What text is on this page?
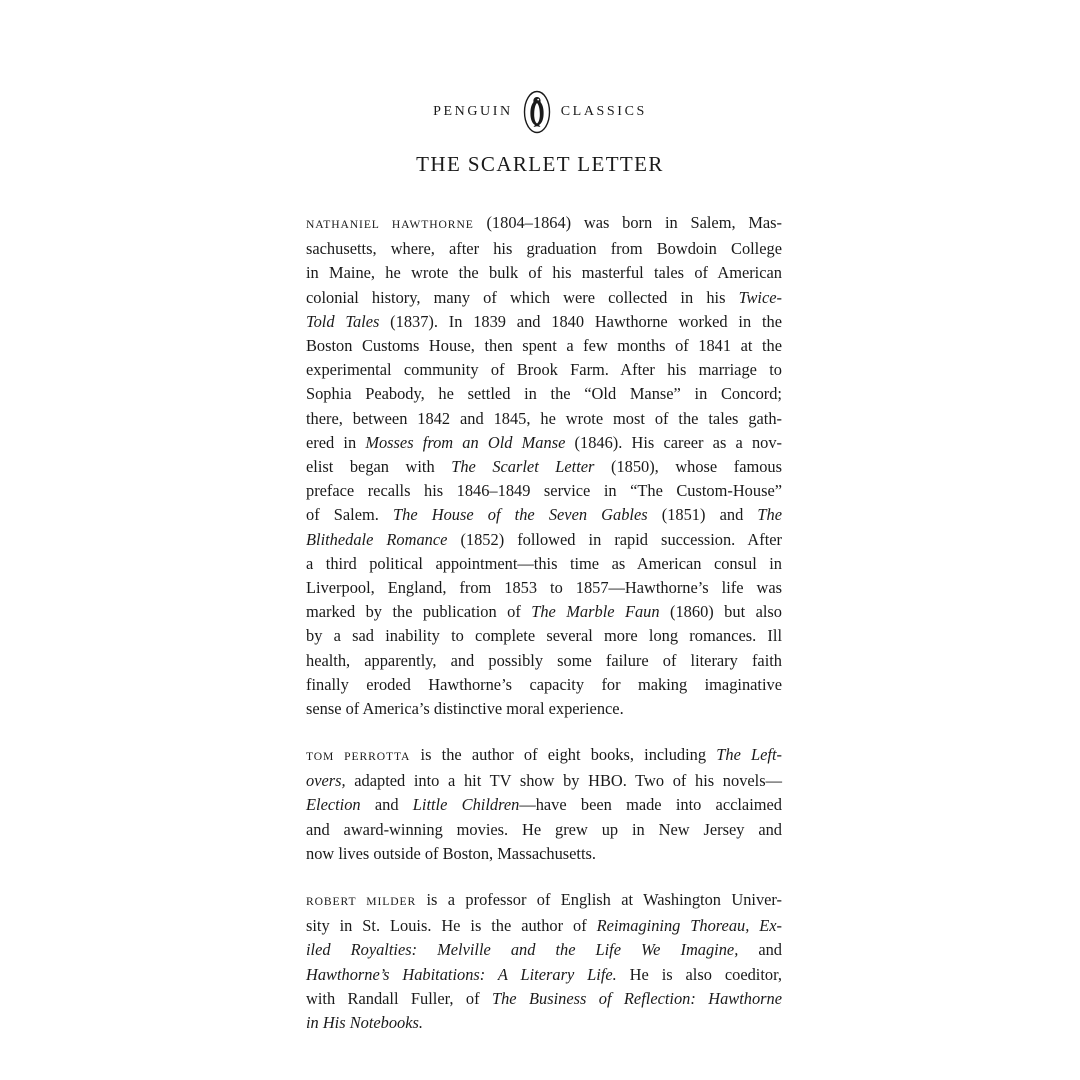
PENGUIN	CLASSICS
THE SCARLET LETTER
NATHANIEL HAWTHORNE (1804–1864) was born in Salem, Mas-
sachusetts, where, after his graduation from Bowdoin College
in Maine, he wrote the bulk of his masterful tales of American
colonial history, many of which were collected in his Twice-
Told Tales (1837). In 1839 and 1840 Hawthorne worked in the
Boston Customs House, then spent a few months of 1841 at the
experimental community of Brook Farm. After his marriage to
Sophia Peabody, he settled in the “Old Manse” in Concord;
there, between 1842 and 1845, he wrote most of the tales gath-
ered in Mosses from an Old Manse (1846). His career as a nov-
elist began with The Scarlet Letter (1850), whose famous
preface recalls his 1846–1849 service in “The Custom-House”
of Salem. The House of the Seven Gables (1851) and The
Blithedale Romance (1852) followed in rapid succession. After
a third political appointment—this time as American consul in
Liverpool, England, from 1853 to 1857—Hawthorne’s life was
marked by the publication of The Marble Faun (1860) but also
by a sad inability to complete several more long romances. Ill
health, apparently, and possibly some failure of literary faith
finally eroded Hawthorne’s capacity for making imaginative
sense of America’s distinctive moral experience.
TOM PERROTTA is the author of eight books, including The Left-
overs, adapted into a hit TV show by HBO. Two of his novels—
Election and Little Children—have been made into acclaimed
and award-winning movies. He grew up in New Jersey and
now lives outside of Boston, Massachusetts.
ROBERT MILDER is a professor of English at Washington Univer-
sity in St. Louis. He is the author of Reimagining Thoreau, Ex-
iled Royalties: Melville and the Life We Imagine, and
Hawthorne’s Habitations: A Literary Life. He is also coeditor,
with Randall Fuller, of The Business of Reflection: Hawthorne
in His Notebooks.
